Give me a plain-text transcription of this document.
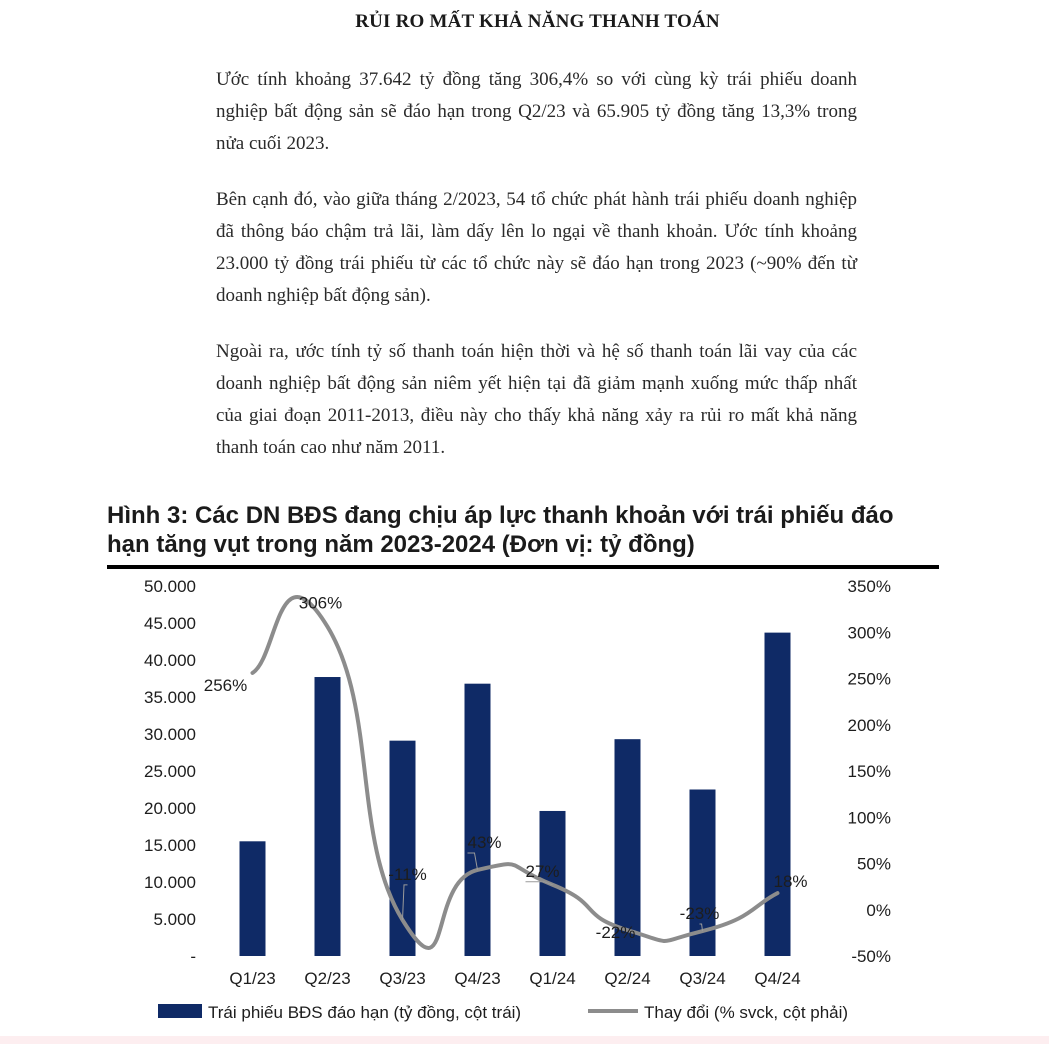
RỦI RO MẤT KHẢ NĂNG THANH TOÁN

Ước tính khoảng 37.642 tỷ đồng tăng 306,4% so với cùng kỳ trái phiếu doanh nghiệp bất động sản sẽ đáo hạn trong Q2/23 và 65.905 tỷ đồng tăng 13,3% trong nửa cuối 2023.

Bên cạnh đó, vào giữa tháng 2/2023, 54 tổ chức phát hành trái phiếu doanh nghiệp đã thông báo chậm trả lãi, làm dấy lên lo ngại về thanh khoản. Ước tính khoảng 23.000 tỷ đồng trái phiếu từ các tổ chức này sẽ đáo hạn trong 2023 (~90% đến từ doanh nghiệp bất động sản).

Ngoài ra, ước tính tỷ số thanh toán hiện thời và hệ số thanh toán lãi vay của các doanh nghiệp bất động sản niêm yết hiện tại đã giảm mạnh xuống mức thấp nhất của giai đoạn 2011-2013, điều này cho thấy khả năng xảy ra rủi ro mất khả năng thanh toán cao như năm 2011.

Hình 3: Các DN BĐS đang chịu áp lực thanh khoản với trái phiếu đáo hạn tăng vụt trong năm 2023-2024 (Đơn vị: tỷ đồng)
-
5.000
10.000
15.000
20.000
25.000
30.000
35.000
40.000
45.000
50.000
-50%
0%
50%
100%
150%
200%
250%
300%
350%
256%
306%
-11%
43%
27%
-22%
-23%
18%
Q1/23 Q2/23 Q3/23 Q4/23 Q1/24 Q2/24 Q3/24 Q4/24
Trái phiếu BĐS đáo hạn (tỷ đồng, cột trái)	Thay đổi (% svck, cột phải)
